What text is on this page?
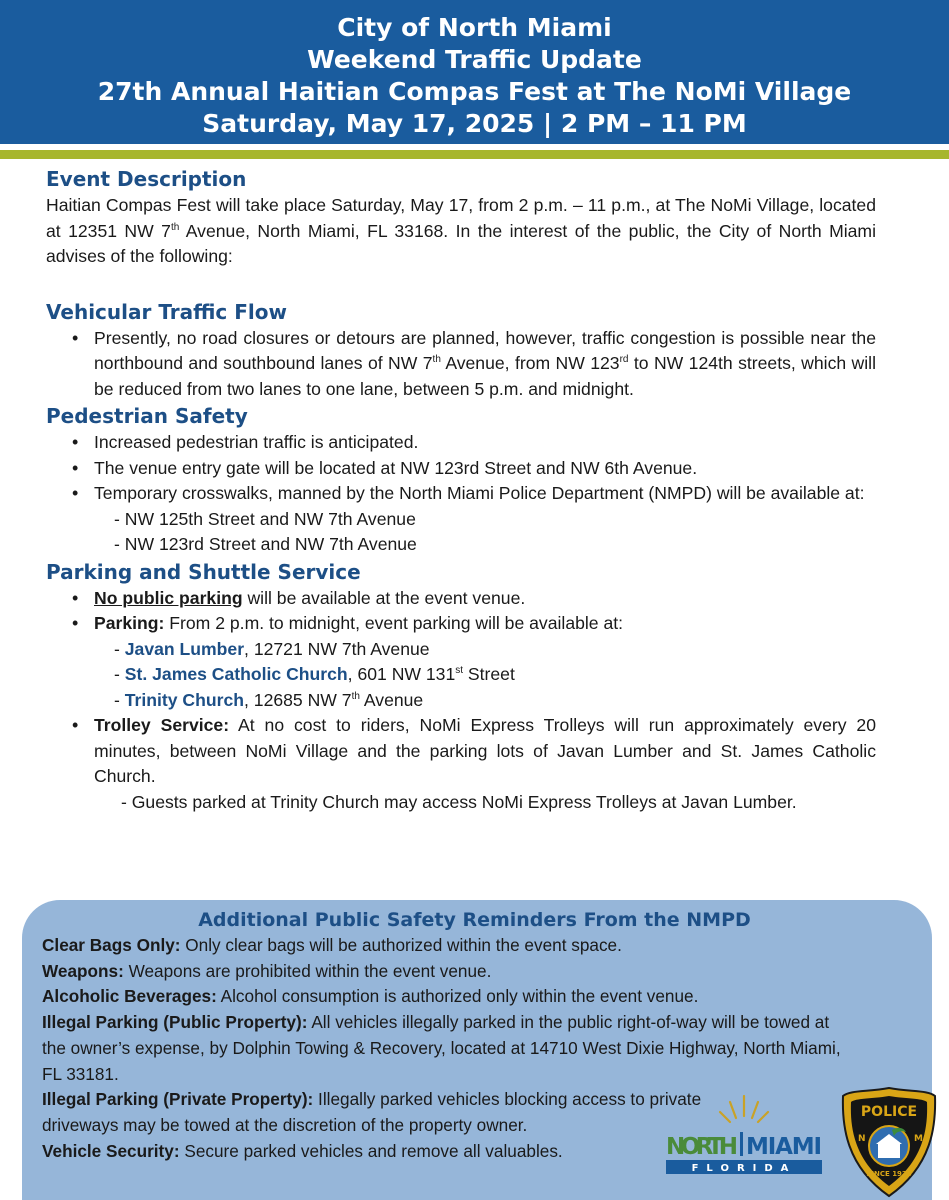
City of North Miami
Weekend Traffic Update
27th Annual Haitian Compas Fest at The NoMi Village
Saturday, May 17, 2025 | 2 PM – 11 PM
Event Description

Haitian Compas Fest will take place Saturday, May 17, from 2 p.m. – 11 p.m., at The NoMi Village, located at 12351 NW 7th Avenue, North Miami, FL 33168. In the interest of the public, the City of North Miami advises of the following:

Vehicular Traffic Flow
• Presently, no road closures or detours are planned, however, traffic congestion is possible near the northbound and southbound lanes of NW 7th Avenue, from NW 123rd to NW 124th streets, which will be reduced from two lanes to one lane, between 5 p.m. and midnight.
Pedestrian Safety
• Increased pedestrian traffic is anticipated.
• The venue entry gate will be located at NW 123rd Street and NW 6th Avenue.
• Temporary crosswalks, manned by the North Miami Police Department (NMPD) will be available at:
- NW 125th Street and NW 7th Avenue
- NW 123rd Street and NW 7th Avenue
Parking and Shuttle Service
• No public parking will be available at the event venue.
• Parking: From 2 p.m. to midnight, event parking will be available at:
- Javan Lumber, 12721 NW 7th Avenue
- St. James Catholic Church, 601 NW 131st Street
- Trinity Church, 12685 NW 7th Avenue
• Trolley Service: At no cost to riders, NoMi Express Trolleys will run approximately every 20 minutes, between NoMi Village and the parking lots of Javan Lumber and St. James Catholic Church.
- Guests parked at Trinity Church may access NoMi Express Trolleys at Javan Lumber.
Additional Public Safety Reminders From the NMPD

Clear Bags Only: Only clear bags will be authorized within the event space.

Weapons: Weapons are prohibited within the event venue.

Alcoholic Beverages: Alcohol consumption is authorized only within the event venue.

Illegal Parking (Public Property): All vehicles illegally parked in the public right-of-way will be towed at the owner’s expense, by Dolphin Towing & Recovery, located at 14710 West Dixie Highway, North Miami, FL 33181.

Illegal Parking (Private Property): Illegally parked vehicles blocking access to private driveways may be towed at the discretion of the property owner.

Vehicle Security: Secure parked vehicles and remove all valuables.	NORTH MIAMI
FLORIDA
POLICE
N	M
SINCE 1926
